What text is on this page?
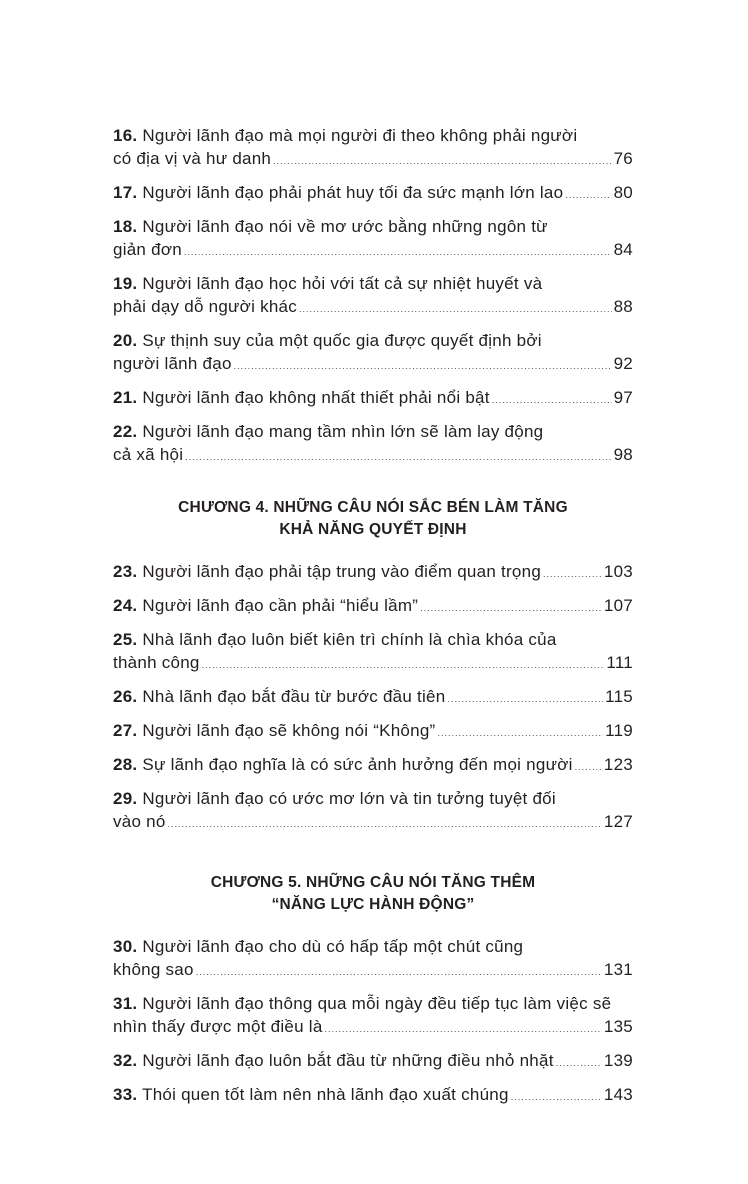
16. Người lãnh đạo mà mọi người đi theo không phải người
có địa vị và hư danh .....	76
17. Người lãnh đạo phải phát huy tối đa sức mạnh lớn lao .....	80
18. Người lãnh đạo nói về mơ ước bằng những ngôn từ
giản đơn .....	84
19. Người lãnh đạo học hỏi với tất cả sự nhiệt huyết và
phải dạy dỗ người khác .....	88
20. Sự thịnh suy của một quốc gia được quyết định bởi
người lãnh đạo .....	92
21. Người lãnh đạo không nhất thiết phải nổi bật .....	97
22. Người lãnh đạo mang tầm nhìn lớn sẽ làm lay động
cả xã hội .....	98
CHƯƠNG 4. NHỮNG CÂU NÓI SẮC BÉN LÀM TĂNG
KHẢ NĂNG QUYẾT ĐỊNH
23. Người lãnh đạo phải tập trung vào điểm quan trọng .....	103
24. Người lãnh đạo cần phải “hiểu lầm” .....	107
25. Nhà lãnh đạo luôn biết kiên trì chính là chìa khóa của
thành công .....	111
26. Nhà lãnh đạo bắt đầu từ bước đầu tiên .....	115
27. Người lãnh đạo sẽ không nói “Không” .....	119
28. Sự lãnh đạo nghĩa là có sức ảnh hưởng đến mọi người ..... 123
29. Người lãnh đạo có ước mơ lớn và tin tưởng tuyệt đối
vào nó .....	127
CHƯƠNG 5. NHỮNG CÂU NÓI TĂNG THÊM
“NĂNG LỰC HÀNH ĐỘNG”
30. Người lãnh đạo cho dù có hấp tấp một chút cũng
không sao .....	131
31. Người lãnh đạo thông qua mỗi ngày đều tiếp tục làm việc sẽ
nhìn thấy được một điều là .....	135
32. Người lãnh đạo luôn bắt đầu từ những điều nhỏ nhặt .....	139
33. Thói quen tốt làm nên nhà lãnh đạo xuất chúng .....	143
